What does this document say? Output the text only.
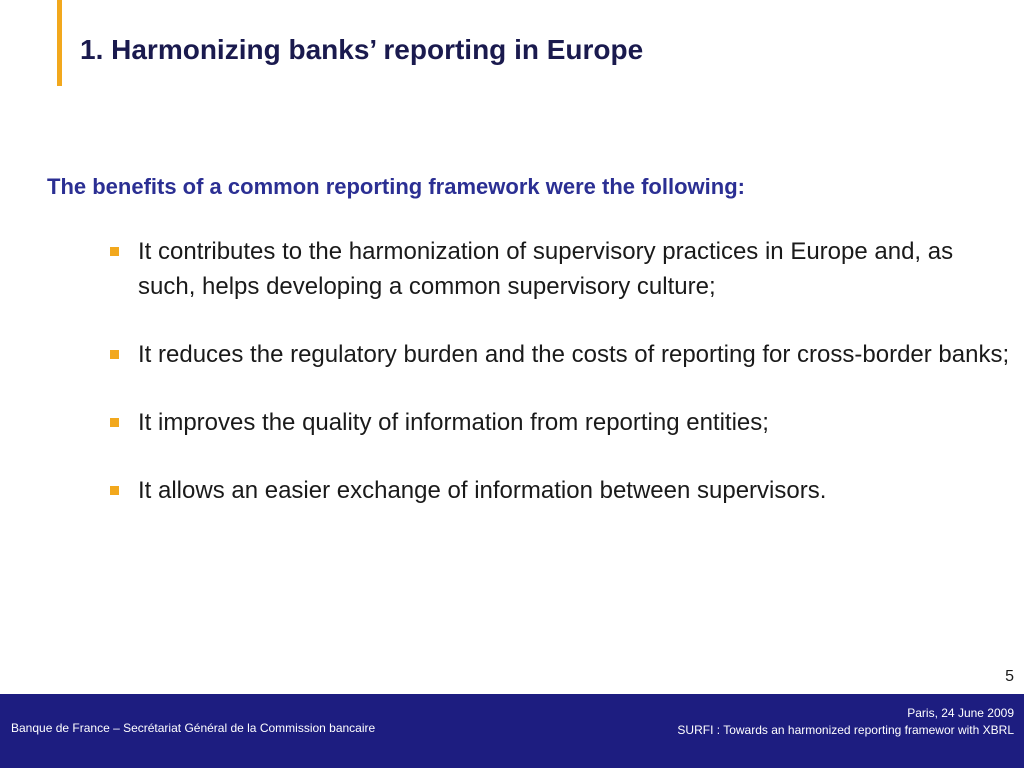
1. Harmonizing banks’ reporting in Europe
The benefits of a common reporting framework were the following:
It contributes to the harmonization of supervisory practices in Europe and, as such, helps developing a common supervisory culture;
It reduces the regulatory burden and the costs of reporting for cross-border banks;
It improves the quality of information from reporting entities;
It allows an easier exchange of information between supervisors.
5
Banque de France – Secrétariat Général de la Commission bancaire
Paris, 24 June 2009
SURFI : Towards an harmonized reporting framewor with XBRL
